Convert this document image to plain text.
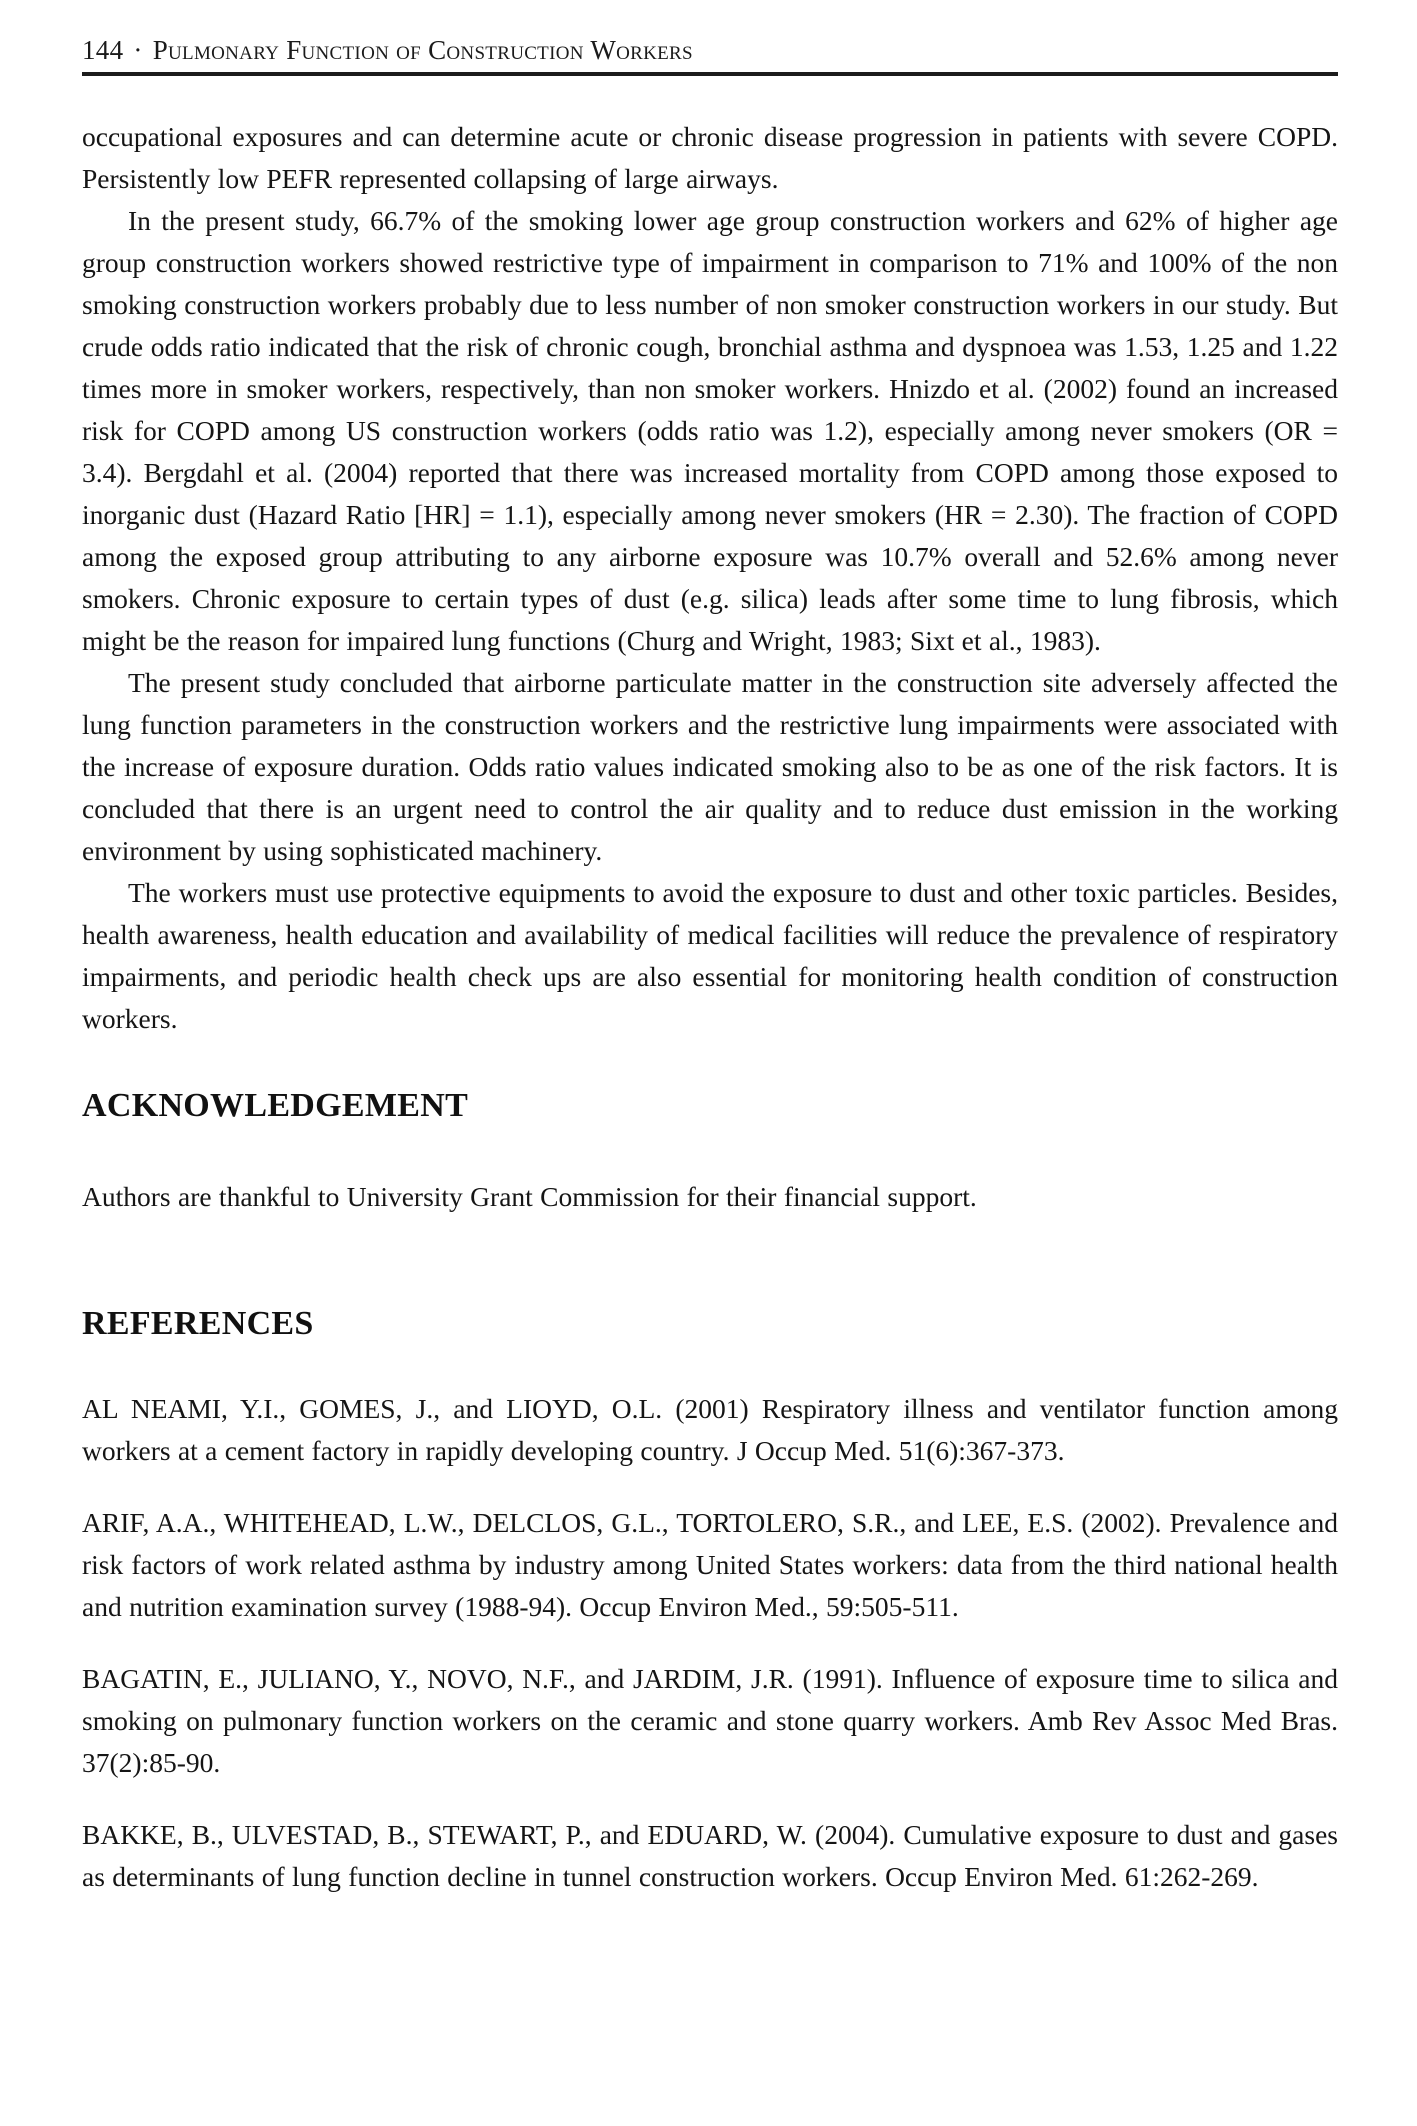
144 · Pulmonary Function of Construction Workers

occupational exposures and can determine acute or chronic disease progression in patients with severe COPD. Persistently low PEFR represented collapsing of large airways.

In the present study, 66.7% of the smoking lower age group construction workers and 62% of higher age group construction workers showed restrictive type of impairment in comparison to 71% and 100% of the non smoking construction workers probably due to less number of non smoker construction workers in our study. But crude odds ratio indicated that the risk of chronic cough, bronchial asthma and dyspnoea was 1.53, 1.25 and 1.22 times more in smoker workers, respectively, than non smoker workers. Hnizdo et al. (2002) found an increased risk for COPD among US construction workers (odds ratio was 1.2), especially among never smokers (OR = 3.4). Bergdahl et al. (2004) reported that there was increased mortality from COPD among those exposed to inorganic dust (Hazard Ratio [HR] = 1.1), especially among never smokers (HR = 2.30). The fraction of COPD among the exposed group attributing to any airborne exposure was 10.7% overall and 52.6% among never smokers. Chronic exposure to certain types of dust (e.g. silica) leads after some time to lung fibrosis, which might be the reason for impaired lung functions (Churg and Wright, 1983; Sixt et al., 1983).

The present study concluded that airborne particulate matter in the construction site adversely affected the lung function parameters in the construction workers and the restrictive lung impairments were associated with the increase of exposure duration. Odds ratio values indicated smoking also to be as one of the risk factors. It is concluded that there is an urgent need to control the air quality and to reduce dust emission in the working environment by using sophisticated machinery.

The workers must use protective equipments to avoid the exposure to dust and other toxic particles. Besides, health awareness, health education and availability of medical facilities will reduce the prevalence of respiratory impairments, and periodic health check ups are also essential for monitoring health condition of construction workers.

ACKNOWLEDGEMENT

Authors are thankful to University Grant Commission for their financial support.

REFERENCES

AL NEAMI, Y.I., GOMES, J., and LIOYD, O.L. (2001) Respiratory illness and ventilator function among workers at a cement factory in rapidly developing country. J Occup Med. 51(6):367-373.

ARIF, A.A., WHITEHEAD, L.W., DELCLOS, G.L., TORTOLERO, S.R., and LEE, E.S. (2002). Prevalence and risk factors of work related asthma by industry among United States workers: data from the third national health and nutrition examination survey (1988-94). Occup Environ Med., 59:505-511.

BAGATIN, E., JULIANO, Y., NOVO, N.F., and JARDIM, J.R. (1991). Influence of exposure time to silica and smoking on pulmonary function workers on the ceramic and stone quarry workers. Amb Rev Assoc Med Bras. 37(2):85-90.

BAKKE, B., ULVESTAD, B., STEWART, P., and EDUARD, W. (2004). Cumulative exposure to dust and gases as determinants of lung function decline in tunnel construction workers. Occup Environ Med. 61:262-269.
